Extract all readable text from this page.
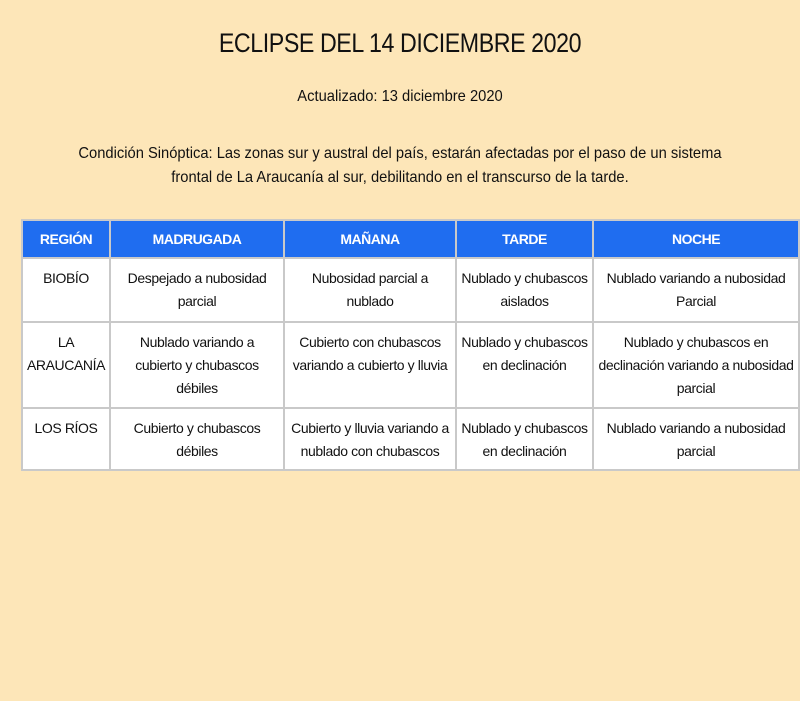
ECLIPSE DEL 14 DICIEMBRE 2020
Actualizado: 13 diciembre 2020
Condición Sinóptica: Las zonas sur y austral del país, estarán afectadas por el paso de un sistema frontal de La Araucanía al sur, debilitando en el transcurso de la tarde.
REGIÓN	MADRUGADA	MAÑANA	TARDE	NOCHE
BIOBÍO	Despejado a nubosidad parcial	Nubosidad parcial a nublado	Nublado y chubascos aislados	Nublado variando a nubosidad Parcial
LA ARAUCANÍA	Nublado variando a cubierto y chubascos débiles	Cubierto con chubascos variando a cubierto y lluvia	Nublado y chubascos en declinación	Nublado y chubascos en declinación variando a nubosidad parcial
LOS RÍOS	Cubierto y chubascos débiles	Cubierto y lluvia variando a nublado con chubascos	Nublado y chubascos en declinación	Nublado variando a nubosidad parcial
